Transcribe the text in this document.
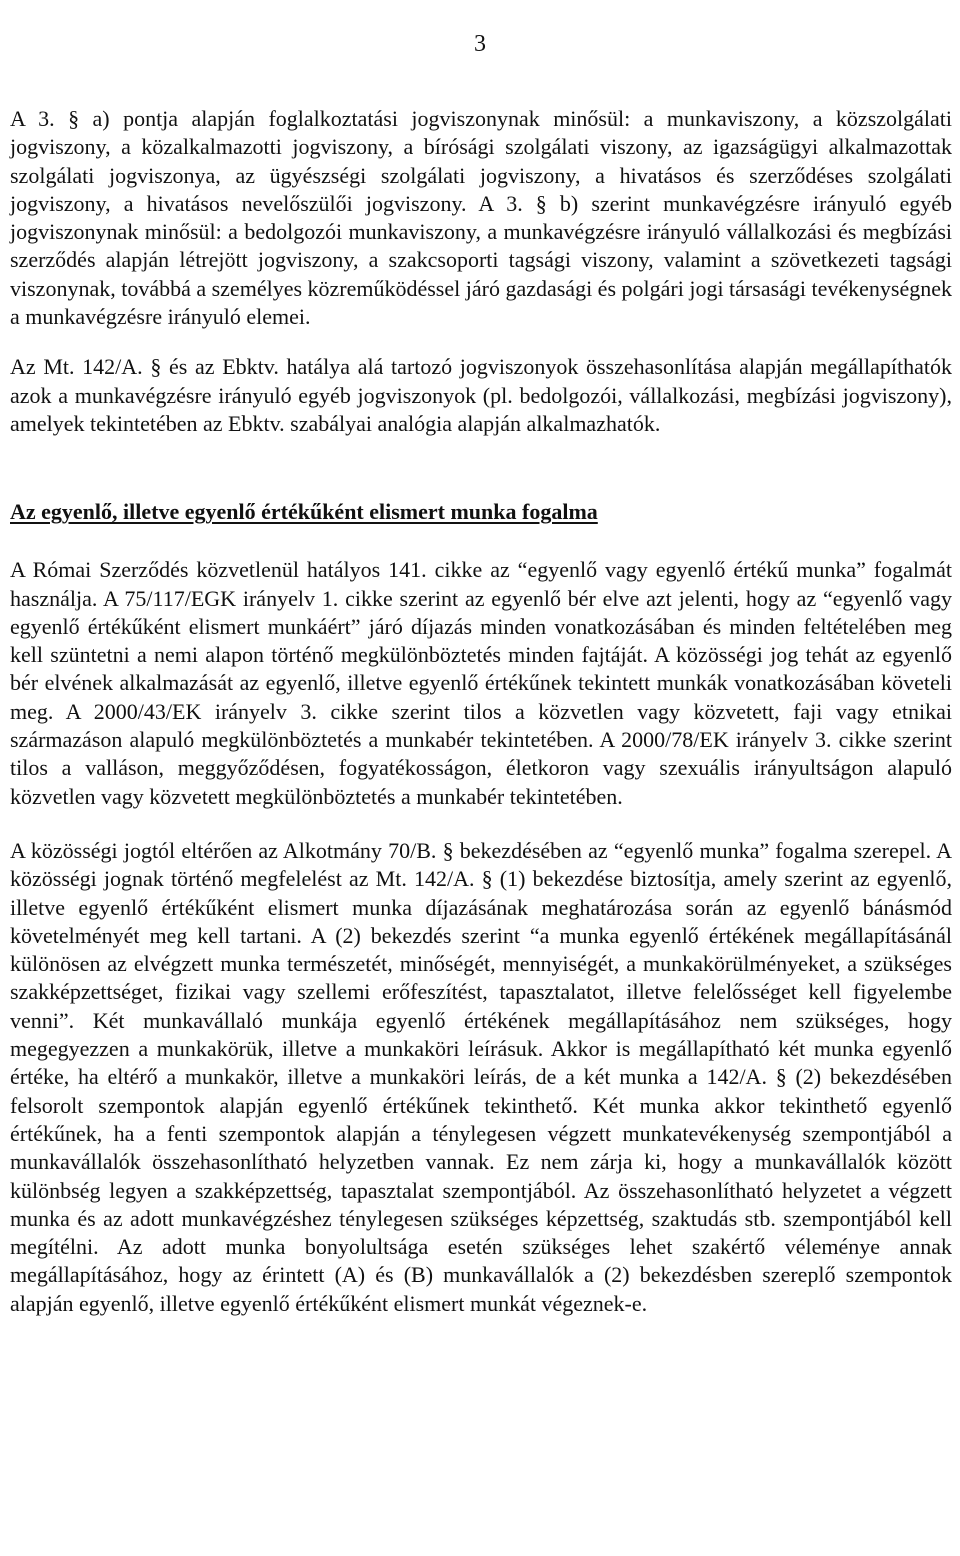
3

A 3. § a) pontja alapján foglalkoztatási jogviszonynak minősül: a munkaviszony, a közszolgálati jogviszony, a közalkalmazotti jogviszony, a bírósági szolgálati viszony, az igazságügyi alkalmazottak szolgálati jogviszonya, az ügyészségi szolgálati jogviszony, a hivatásos és szerződéses szolgálati jogviszony, a hivatásos nevelőszülői jogviszony. A 3. § b) szerint munkavégzésre irányuló egyéb jogviszonynak minősül: a bedolgozói munkaviszony, a munkavégzésre irányuló vállalkozási és megbízási szerződés alapján létrejött jogviszony, a szakcsoporti tagsági viszony, valamint a szövetkezeti tagsági viszonynak, továbbá a személyes közreműködéssel járó gazdasági és polgári jogi társasági tevékenységnek a munkavégzésre irányuló elemei.

Az Mt. 142/A. § és az Ebktv. hatálya alá tartozó jogviszonyok összehasonlítása alapján megállapíthatók azok a munkavégzésre irányuló egyéb jogviszonyok (pl. bedolgozói, vállalkozási, megbízási jogviszony), amelyek tekintetében az Ebktv. szabályai analógia alapján alkalmazhatók.

Az egyenlő, illetve egyenlő értékűként elismert munka fogalma

A Római Szerződés közvetlenül hatályos 141. cikke az “egyenlő vagy egyenlő értékű munka” fogalmát használja. A 75/117/EGK irányelv 1. cikke szerint az egyenlő bér elve azt jelenti, hogy az “egyenlő vagy egyenlő értékűként elismert munkáért” járó díjazás minden vonatkozásában és minden feltételében meg kell szüntetni a nemi alapon történő megkülönböztetés minden fajtáját. A közösségi jog tehát az egyenlő bér elvének alkalmazását az egyenlő, illetve egyenlő értékűnek tekintett munkák vonatkozásában követeli meg. A 2000/43/EK irányelv 3. cikke szerint tilos a közvetlen vagy közvetett, faji vagy etnikai származáson alapuló megkülönböztetés a munkabér tekintetében. A 2000/78/EK irányelv 3. cikke szerint tilos a valláson, meggyőződésen, fogyatékosságon, életkoron vagy szexuális irányultságon alapuló közvetlen vagy közvetett megkülönböztetés a munkabér tekintetében.

A közösségi jogtól eltérően az Alkotmány 70/B. § bekezdésében az “egyenlő munka” fogalma szerepel. A közösségi jognak történő megfelelést az Mt. 142/A. § (1) bekezdése biztosítja, amely szerint az egyenlő, illetve egyenlő értékűként elismert munka díjazásának meghatározása során az egyenlő bánásmód követelményét meg kell tartani. A (2) bekezdés szerint “a munka egyenlő értékének megállapításánál különösen az elvégzett munka természetét, minőségét, mennyiségét, a munkakörülményeket, a szükséges szakképzettséget, fizikai vagy szellemi erőfeszítést, tapasztalatot, illetve felelősséget kell figyelembe venni”. Két munkavállaló munkája egyenlő értékének megállapításához nem szükséges, hogy megegyezzen a munkakörük, illetve a munkaköri leírásuk. Akkor is megállapítható két munka egyenlő értéke, ha eltérő a munkakör, illetve a munkaköri leírás, de a két munka a 142/A. § (2) bekezdésében felsorolt szempontok alapján egyenlő értékűnek tekinthető. Két munka akkor tekinthető egyenlő értékűnek, ha a fenti szempontok alapján a ténylegesen végzett munkatevékenység szempontjából a munkavállalók összehasonlítható helyzetben vannak. Ez nem zárja ki, hogy a munkavállalók között különbség legyen a szakképzettség, tapasztalat szempontjából. Az összehasonlítható helyzetet a végzett munka és az adott munkavégzéshez ténylegesen szükséges képzettség, szaktudás stb. szempontjából kell megítélni. Az adott munka bonyolultsága esetén szükséges lehet szakértő véleménye annak megállapításához, hogy az érintett (A) és (B) munkavállalók a (2) bekezdésben szereplő szempontok alapján egyenlő, illetve egyenlő értékűként elismert munkát végeznek-e.
